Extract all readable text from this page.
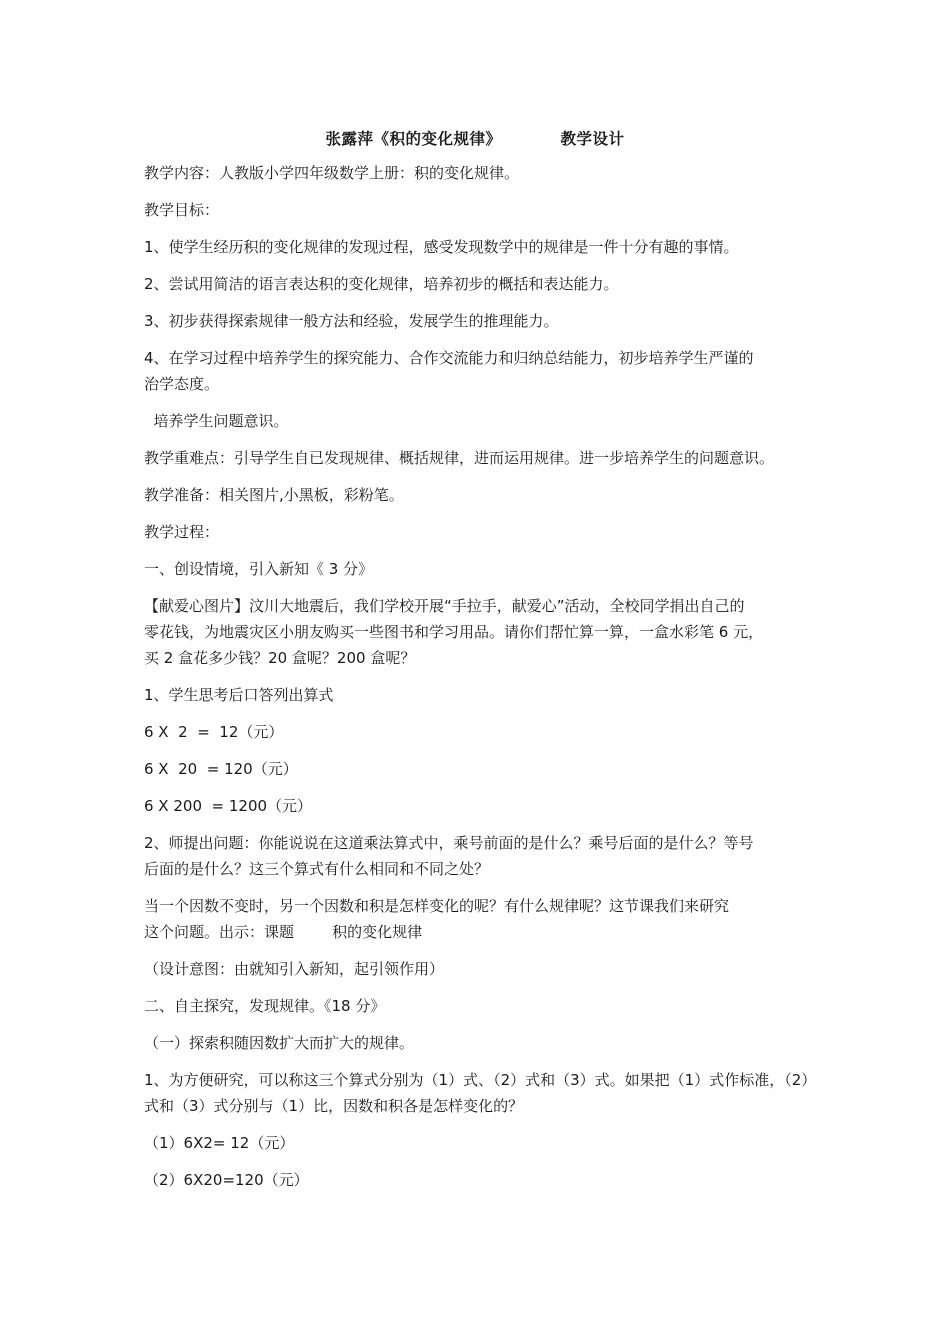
张露萍《积的变化规律》          教学设计

教学内容：人教版小学四年级数学上册：积的变化规律。

教学目标：

1、使学生经历积的变化规律的发现过程，感受发现数学中的规律是一件十分有趣的事情。

2、尝试用简洁的语言表达积的变化规律，培养初步的概括和表达能力。

3、初步获得探索规律一般方法和经验，发展学生的推理能力。

4、在学习过程中培养学生的探究能力、合作交流能力和归纳总结能力，初步培养学生严谨的
治学态度。

培养学生问题意识。

教学重难点：引导学生自已发现规律、概括规律，进而运用规律。进一步培养学生的问题意识。

教学准备：相关图片,小黑板，彩粉笔。

教学过程：

一、创设情境，引入新知《 3 分》

【献爱心图片】汶川大地震后，我们学校开展“手拉手，献爱心”活动，全校同学捐出自己的
零花钱，为地震灾区小朋友购买一些图书和学习用品。请你们帮忙算一算，一盒水彩笔 6 元，
买 2 盒花多少钱？20 盒呢？200 盒呢？

1、学生思考后口答列出算式

6 X  2  =  12（元）

6 X  20  = 120（元）

6 X 200  = 1200（元）

2、师提出问题：你能说说在这道乘法算式中，乘号前面的是什么？乘号后面的是什么？等号
后面的是什么？这三个算式有什么相同和不同之处？

当一个因数不变时，另一个因数和积是怎样变化的呢？有什么规律呢？这节课我们来研究
这个问题。出示：课题        积的变化规律

（设计意图：由就知引入新知，起引领作用）

二、自主探究，发现规律。《18 分》

（一）探索积随因数扩大而扩大的规律。

1、为方便研究，可以称这三个算式分别为（1）式、（2）式和（3）式。如果把（1）式作标准，（2）
式和（3）式分别与（1）比，因数和积各是怎样变化的？

（1）6X2= 12（元）

（2）6X20=120（元）
